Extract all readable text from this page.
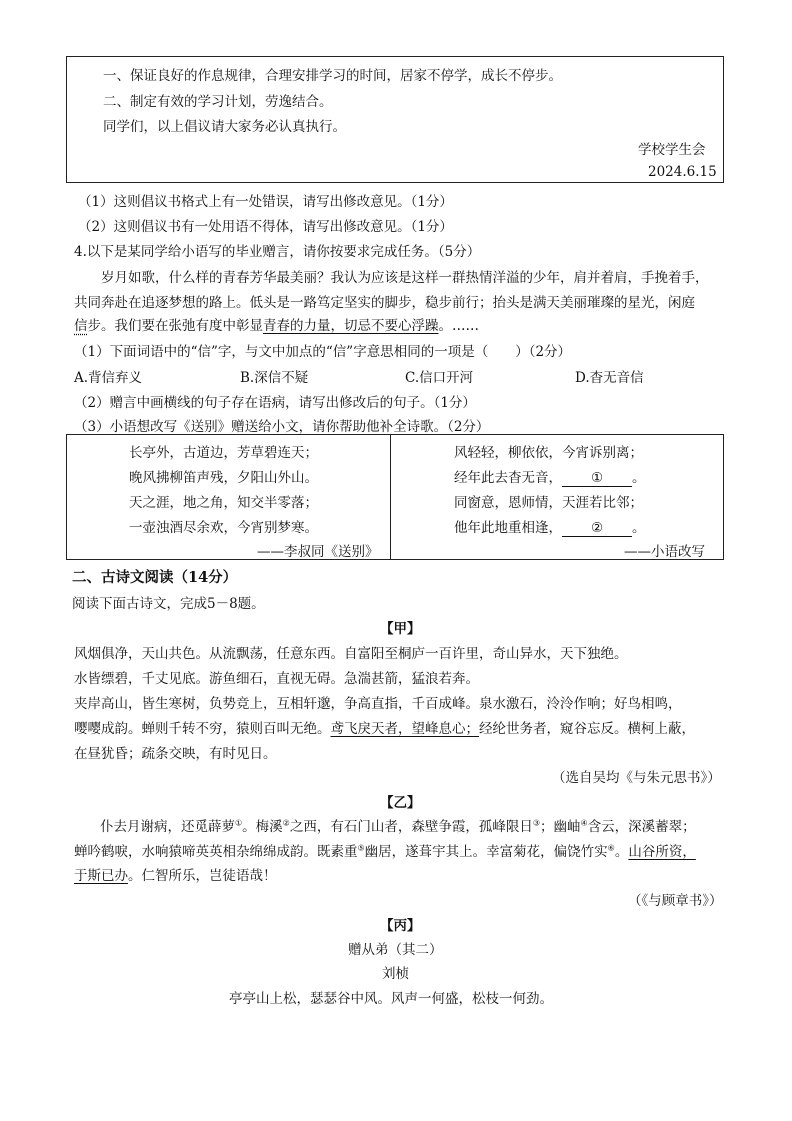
一、保证良好的作息规律，合理安排学习的时间，居家不停学，成长不停步。
二、制定有效的学习计划，劳逸结合。
同学们，以上倡议请大家务必认真执行。
学校学生会
2024.6.15
（1）这则倡议书格式上有一处错误，请写出修改意见。（1分）
（2）这则倡议书有一处用语不得体，请写出修改意见。（1分）
4.以下是某同学给小语写的毕业赠言，请你按要求完成任务。（5分）
岁月如歌，什么样的青春芳华最美丽？我认为应该是这样一群热情洋溢的少年，肩并着肩，手挽着手，
共同奔赴在追逐梦想的路上。低头是一路笃定坚实的脚步，稳步前行；抬头是满天美丽璀璨的星光，闲庭
信步。我们要在张弛有度中彰显青春的力量，切忌不要心浮躁。……
（1）下面词语中的“信”字，与文中加点的“信”字意思相同的一项是（　　）（2分）
A.背信弃义	B.深信不疑	C.信口开河	D.杳无音信
（2）赠言中画横线的句子存在语病，请写出修改后的句子。（1分）
（3）小语想改写《送别》赠送给小文，请你帮助他补全诗歌。（2分）
长亭外，古道边，芳草碧连天；
晚风拂柳笛声残，夕阳山外山。
天之涯，地之角，知交半零落；
一壶浊酒尽余欢，今宵别梦寒。
——李叔同《送别》
风轻轻，柳依依，今宵诉别离；
经年此去杳无音， ① 。
同窗意，恩师情，天涯若比邻；
他年此地重相逢， ② 。
——小语改写
二、古诗文阅读（14分）
阅读下面古诗文，完成5－8题。
【甲】
风烟俱净，天山共色。从流飘荡，任意东西。自富阳至桐庐一百许里，奇山异水，天下独绝。
水皆缥碧，千丈见底。游鱼细石，直视无碍。急湍甚箭，猛浪若奔。
夹岸高山，皆生寒树，负势竞上，互相轩邈，争高直指，千百成峰。泉水激石，泠泠作响；好鸟相鸣，
嘤嘤成韵。蝉则千转不穷，猿则百叫无绝。鸢飞戾天者，望峰息心；经纶世务者，窥谷忘反。横柯上蔽，
在昼犹昏；疏条交映，有时见日。
（选自吴均《与朱元思书》）
【乙】
仆去月谢病，还觅薜萝①。梅溪②之西，有石门山者，森壁争霞，孤峰限日③；幽岫④含云，深溪蓄翠；
蝉吟鹤唳，水响猿啼英英相杂绵绵成韵。既素重⑤幽居，遂葺宇其上。幸富菊花，偏饶竹实⑥。山谷所资，
于斯已办。仁智所乐，岂徒语哉！
（《与顾章书》）
【丙】
赠从弟（其二）
刘桢
亭亭山上松，瑟瑟谷中风。风声一何盛，松枝一何劲。
